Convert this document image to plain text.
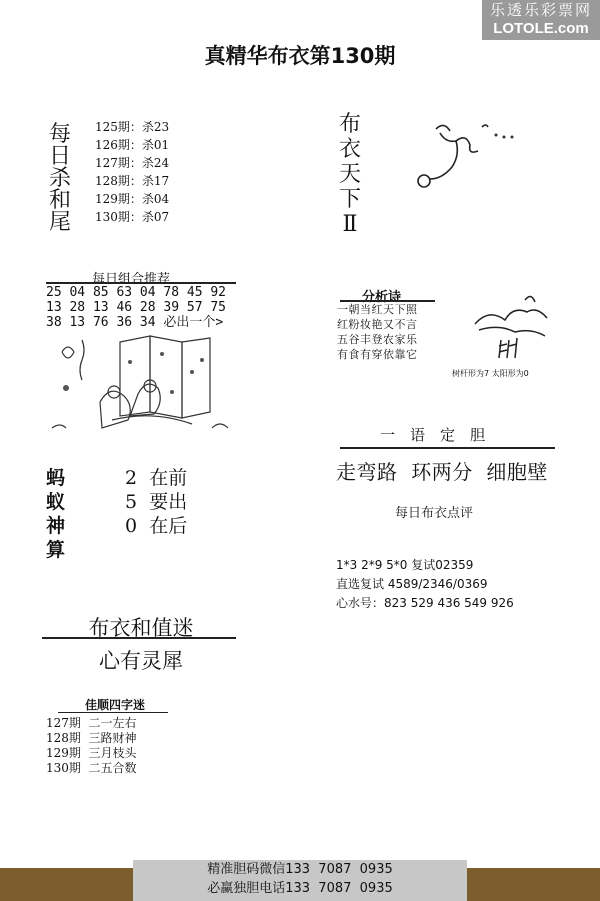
乐透乐彩票网
LOTOLE.com
真精华布衣第130期
每
日
杀
和
尾
125期：杀23
126期：杀01
127期：杀24
128期：杀17
129期：杀04
130期：杀07
每日组合推荐
25 04 85 63 04 78 45 92
13 28 13 46 28 39 57 75
38 13 76 36 34 必出一个>
蚂
蚁
神
算
2 在前
5 要出
0 在后
布衣和值迷
心有灵犀
佳顺四字迷
127期  二一左右
128期  三路财神
129期  三月枝头
130期  二五合数
布
衣
天
下
Ⅱ
分析诗
一朝当红天下照
红粉妆艳又不言
五谷丰登农家乐
有食有穿依靠它
树杆形为7 太阳形为0
一语定胆
走弯路  环两分  细胞壁
每日布衣点评
1*3 2*9 5*0 复试02359
直选复试 4589/2346/0369
心水号：823 529 436 549 926
精准胆码微信133  7087  0935
必赢独胆电话133  7087  0935
